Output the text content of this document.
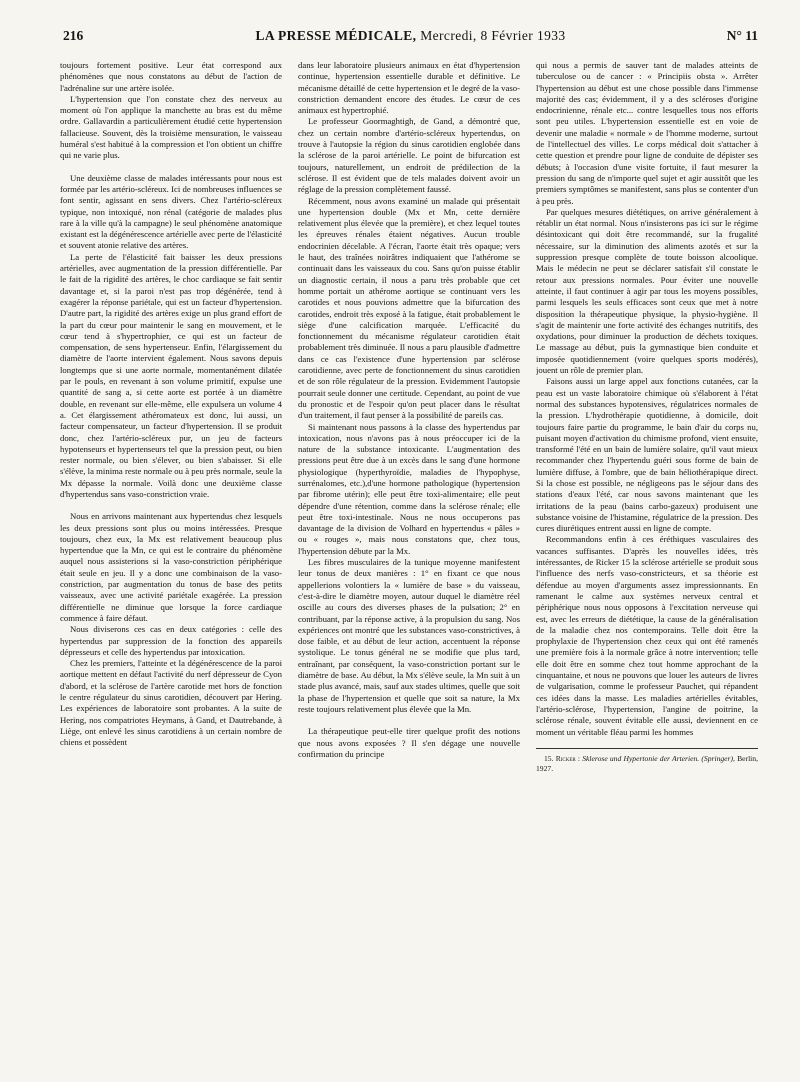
216	LA PRESSE MÉDICALE, Mercredi, 8 Février 1933	N° 11

toujours fortement positive. Leur état correspond aux phénomènes que nous constatons au début de l'action de l'adrénaline sur une artère isolée.

L'hypertension que l'on constate chez des nerveux au moment où l'on applique la manchette au bras est du même ordre. Gallavardin a particulièrement étudié cette hypertension fallacieuse. Souvent, dès la troisième mensuration, le vaisseau huméral s'est habitué à la compression et l'on obtient un chiffre qui ne varie plus.

Une deuxième classe de malades intéressants pour nous est formée par les artério-scléreux. Ici de nombreuses influences se font sentir, agissant en sens divers. Chez l'artério-scléreux typique, non intoxiqué, non rénal (catégorie de malades plus rare à la ville qu'à la campagne) le seul phénomène anatomique existant est la dégénérescence artérielle avec perte de l'élasticité et souvent atonie relative des artères.

La perte de l'élasticité fait baisser les deux pressions artérielles, avec augmentation de la pression différentielle. Par le fait de la rigidité des artères, le choc cardiaque se fait sentir davantage et, si la paroi n'est pas trop dégénérée, tend à exagérer la réponse pariétale, qui est un facteur d'hypertension. D'autre part, la rigidité des artères exige un plus grand effort de la part du cœur pour maintenir le sang en mouvement, et le cœur tend à s'hypertrophier, ce qui est un facteur de compensation, de sens hypertenseur. Enfin, l'élargissement du diamètre de l'aorte intervient également. Nous savons depuis longtemps que si une aorte normale, momentanément dilatée par le pouls, en revenant à son volume primitif, expulse une quantité de sang a, si cette aorte est portée à un diamètre double, en revenant sur elle-même, elle expulsera un volume 4 a. Cet élargissement athéromateux est donc, lui aussi, un facteur compensateur, un facteur d'hypertension. Il se produit donc, chez l'artério-scléreux pur, un jeu de facteurs hypotenseurs et hypertenseurs tel que la pression peut, ou bien rester normale, ou bien s'élever, ou bien s'abaisser. Si elle s'élève, la minima reste normale ou à peu près normale, seule la Mx dépasse la normale. Voilà donc une deuxième classe d'hypertendus sans vaso-constriction vraie.

Nous en arrivons maintenant aux hypertendus chez lesquels les deux pressions sont plus ou moins intéressées. Presque toujours, chez eux, la Mx est relativement beaucoup plus hypertendue que la Mn, ce qui est le contraire du phénomène auquel nous assisterions si la vaso-constriction périphérique était seule en jeu. Il y a donc une combinaison de la vaso-constriction, par augmentation du tonus de base des petits vaisseaux, avec une activité pariétale exagérée. La pression différentielle ne diminue que lorsque la force cardiaque commence à faire défaut.

Nous diviserons ces cas en deux catégories : celle des hypertendus par suppression de la fonction des appareils dépresseurs et celle des hypertendus par intoxication.

Chez les premiers, l'atteinte et la dégénérescence de la paroi aortique mettent en défaut l'activité du nerf dépresseur de Cyon d'abord, et la sclérose de l'artère carotide met hors de fonction le centre régulateur du sinus carotidien, découvert par Hering. Les expériences de laboratoire sont probantes. A la suite de Hering, nos compatriotes Heymans, à Gand, et Dautrebande, à Liège, ont enlevé les sinus carotidiens à un certain nombre de chiens et possèdent

dans leur laboratoire plusieurs animaux en état d'hypertension continue, hypertension essentielle durable et définitive. Le mécanisme détaillé de cette hypertension et le degré de la vaso-constriction demandent encore des études. Le cœur de ces animaux est hypertrophié.

Le professeur Goormaghtigh, de Gand, a démontré que, chez un certain nombre d'artério-scléreux hypertendus, on trouve à l'autopsie la région du sinus carotidien englobée dans la sclérose de la paroi artérielle. Le point de bifurcation est toujours, naturellement, un endroit de prédilection de la sclérose. Il est évident que de tels malades doivent avoir un réglage de la pression complètement faussé.

Récemment, nous avons examiné un malade qui présentait une hypertension double (Mx et Mn, cette dernière relativement plus élevée que la première), et chez lequel toutes les épreuves rénales étaient négatives. Aucun trouble endocrinien décelable. A l'écran, l'aorte était très opaque; vers le haut, des traînées noirâtres indiquaient que l'athérome se continuait dans les vaisseaux du cou. Sans qu'on puisse établir un diagnostic certain, il nous a paru très probable que cet homme portait un athérome aortique se continuant vers les carotides et nous pouvions admettre que la bifurcation des carotides, endroit très exposé à la fatigue, était probablement le siège d'une calcification marquée. L'efficacité du fonctionnement du mécanisme régulateur carotidien était probablement très diminuée. Il nous a paru plausible d'admettre dans ce cas l'existence d'une hypertension par sclérose carotidienne, avec perte de fonctionnement du sinus carotidien et de son rôle régulateur de la pression. Evidemment l'autopsie pourrait seule donner une certitude. Cependant, au point de vue du pronostic et de l'espoir qu'on peut placer dans le résultat d'un traitement, il faut penser à la possibilité de pareils cas.

Si maintenant nous passons à la classe des hypertendus par intoxication, nous n'avons pas à nous préoccuper ici de la nature de la substance intoxicante. L'augmentation des pressions peut être due à un excès dans le sang d'une hormone physiologique (hyperthyroïdie, maladies de l'hypophyse, surrénalomes, etc.),d'une hormone pathologique (hypertension par fibrome utérin); elle peut être toxi-alimentaire; elle peut dépendre d'une rétention, comme dans la sclérose rénale; elle peut être toxi-intestinale. Nous ne nous occuperons pas davantage de la division de Volhard en hypertendus « pâles » ou « rouges », mais nous constatons que, chez tous, l'hypertension débute par la Mx.

Les fibres musculaires de la tunique moyenne manifestent leur tonus de deux manières : 1° en fixant ce que nous appellerions volontiers la « lumière de base » du vaisseau, c'est-à-dire le diamètre moyen, autour duquel le diamètre réel oscille au cours des diverses phases de la pulsation; 2° en contribuant, par la réponse active, à la propulsion du sang. Nos expériences ont montré que les substances vaso-constrictives, à dose faible, et au début de leur action, accentuent la réponse systolique. Le tonus général ne se modifie que plus tard, entraînant, par conséquent, la vaso-constriction portant sur le diamètre de base. Au début, la Mx s'élève seule, la Mn suit à un stade plus avancé, mais, sauf aux stades ultimes, quelle que soit la phase de l'hypertension et quelle que soit sa nature, la Mx reste toujours relativement plus élevée que la Mn.

La thérapeutique peut-elle tirer quelque profit des notions que nous avons exposées ? Il s'en dégage une nouvelle confirmation du principe

qui nous a permis de sauver tant de malades atteints de tuberculose ou de cancer : « Principiis obsta ». Arrêter l'hypertension au début est une chose possible dans l'immense majorité des cas; évidemment, il y a des scléroses d'origine endocrinienne, rénale etc... contre lesquelles tous nos efforts sont peu utiles. L'hypertension essentielle est en voie de devenir une maladie « normale » de l'homme moderne, surtout de l'intellectuel des villes. Le corps médical doit s'attacher à cette question et prendre pour ligne de conduite de dépister ses débuts; à l'occasion d'une visite fortuite, il faut mesurer la pression du sang de n'importe quel sujet et agir aussitôt que les premiers symptômes se manifestent, sans plus se contenter d'un à peu près.

Par quelques mesures diététiques, on arrive généralement à rétablir un état normal. Nous n'insisterons pas ici sur le régime désintoxicant qui doit être recommandé, sur la frugalité nécessaire, sur la diminution des aliments azotés et sur la suppression presque complète de toute boisson alcoolique. Mais le médecin ne peut se déclarer satisfait s'il constate le retour aux pressions normales. Pour éviter une nouvelle atteinte, il faut continuer à agir par tous les moyens possibles, parmi lesquels les seuls efficaces sont ceux que met à notre disposition la thérapeutique physique, la physio-hygiène. Il s'agit de maintenir une forte activité des échanges nutritifs, des oxydations, pour diminuer la production de déchets toxiques. Le massage au début, puis la gymnastique bien conduite et imposée quotidiennement (voire quelques sports modérés), jouent un rôle de premier plan.

Faisons aussi un large appel aux fonctions cutanées, car la peau est un vaste laboratoire chimique où s'élaborent à l'état normal des substances hypotensives, régulatrices normales de la pression. L'hydrothérapie quotidienne, à domicile, doit toujours faire partie du programme, le bain d'air du corps nu, puisant moyen d'activation du chimisme profond, vient ensuite, transformé l'été en un bain de lumière solaire, qu'il vaut mieux recommander chez l'hypertendu guéri sous forme de bain de lumière diffuse, à l'ombre, que de bain héliothérapique direct. Si la chose est possible, ne négligeons pas le séjour dans des stations d'eaux l'été, car nous savons maintenant que les irritations de la peau (bains carbo-gazeux) produisent une substance voisine de l'histamine, régulatrice de la pression. Des cures diurétiques entrent aussi en ligne de compte.

Recommandons enfin à ces éréthiques vasculaires des vacances suffisantes. D'après les nouvelles idées, très intéressantes, de Ricker 15 la sclérose artérielle se produit sous l'influence des nerfs vaso-constricteurs, et sa théorie est défendue au moyen d'arguments assez impressionnants. En ramenant le calme aux systèmes nerveux central et périphérique nous nous opposons à l'excitation nerveuse qui est, avec les erreurs de diététique, la cause de la généralisation de la maladie chez nos contemporains. Telle doit être la prophylaxie de l'hypertension chez ceux qui ont été ramenés une première fois à la normale grâce à notre intervention; telle elle doit être en somme chez tout homme approchant de la cinquantaine, et nous ne pouvons que louer les auteurs de livres de vulgarisation, comme le professeur Pauchet, qui répandent ces idées dans la masse. Les maladies artérielles évitables, l'artério-sclérose, l'hypertension, l'angine de poitrine, la sclérose rénale, souvent évitable elle aussi, deviennent en ce moment un véritable fléau parmi les hommes

15. Ricker : Sklerose und Hypertonie der Arterien. (Springer), Berlin, 1927.
